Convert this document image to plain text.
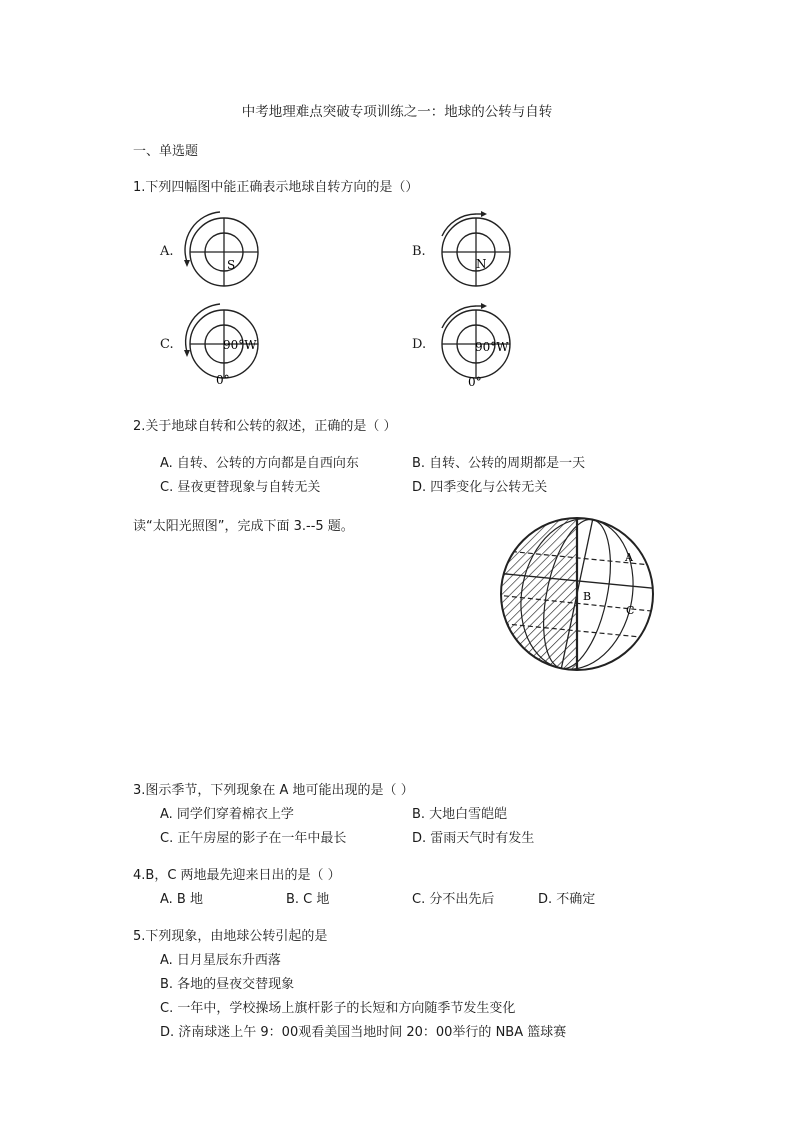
中考地理难点突破专项训练之一：地球的公转与自转
一、单选题
1.下列四幅图中能正确表示地球自转方向的是（）
A.
S
B.
N
C.	90°W
0°
D.	90°W
0°
2.关于地球自转和公转的叙述，正确的是（ ）
A. 自转、公转的方向都是自西向东	B. 自转、公转的周期都是一天
C. 昼夜更替现象与自转无关	D. 四季变化与公转无关
读“太阳光照图”，完成下面 3.--5 题。
A
B
C
3.图示季节，下列现象在 A 地可能出现的是（ ）
A. 同学们穿着棉衣上学	B. 大地白雪皑皑
C. 正午房屋的影子在一年中最长	D. 雷雨天气时有发生
4.B，C 两地最先迎来日出的是（ ）
A. B 地	B. C 地	C. 分不出先后	D. 不确定
5.下列现象，由地球公转引起的是
A. 日月星辰东升西落
B. 各地的昼夜交替现象
C. 一年中，学校操场上旗杆影子的长短和方向随季节发生变化
D. 济南球迷上午 9：00观看美国当地时间 20：00举行的 NBA 篮球赛
